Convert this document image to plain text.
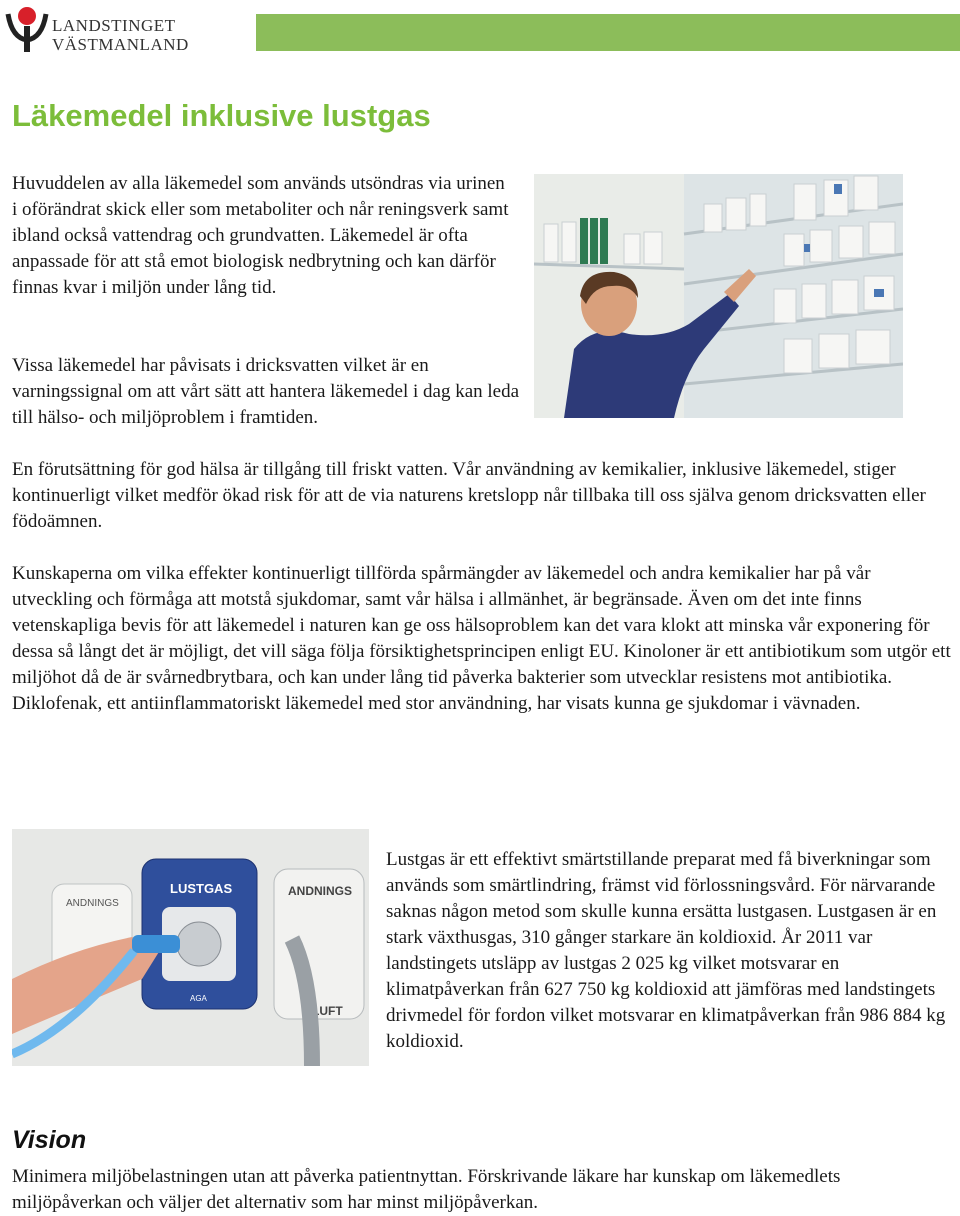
LANDSTINGET
VÄSTMANLAND
Läkemedel inklusive lustgas

Huvuddelen av alla läkemedel som används utsöndras via urinen i oförändrat skick eller som metaboliter och når reningsverk samt ibland också vattendrag och grundvatten. Läkemedel är ofta anpassade för att stå emot biologisk nedbrytning och kan därför finnas kvar i miljön under lång tid.

Vissa läkemedel har påvisats i dricksvatten vilket är en varningssignal om att vårt sätt att hantera läkemedel i dag kan leda till hälso- och miljöproblem i framtiden.

En förutsättning för god hälsa är tillgång till friskt vatten. Vår användning av kemikalier, inklusive läkemedel, stiger kontinuerligt vilket medför ökad risk för att de via naturens kretslopp når tillbaka till oss själva genom dricksvatten eller födoämnen.

Kunskaperna om vilka effekter kontinuerligt tillförda spårmängder av läkemedel och andra kemikalier har på vår utveckling och förmåga att motstå sjukdomar, samt vår hälsa i allmänhet, är begränsade. Även om det inte finns vetenskapliga bevis för att läkemedel i naturen kan ge oss hälsoproblem kan det vara klokt att minska vår exponering för dessa så långt det är möjligt, det vill säga följa försiktighetsprincipen enligt EU. Kinoloner är ett antibiotikum som utgör ett miljöhot då de är svårnedbrytbara, och kan under lång tid påverka bakterier som utvecklar resistens mot antibiotika. Diklofenak, ett antiinflammatoriskt läkemedel med stor användning, har visats kunna ge sjukdomar i vävnaden.

ANDNINGS
LUSTGAS
AGA
ANDNINGS
LUFT

Lustgas är ett effektivt smärtstillande preparat med få biverkningar som används som smärtlindring, främst vid förlossningsvård. För närvarande saknas någon metod som skulle kunna ersätta lustgasen. Lustgasen är en stark växthusgas, 310 gånger starkare än koldioxid. År 2011 var landstingets utsläpp av lustgas 2 025 kg vilket motsvarar en klimatpåverkan från 627 750 kg koldioxid att jämföras med landstingets drivmedel för fordon vilket motsvarar en klimatpåverkan från 986 884 kg koldioxid.

Vision

Minimera miljöbelastningen utan att påverka patientnyttan. Förskrivande läkare har kunskap om läkemedlets miljöpåverkan och väljer det alternativ som har minst miljöpåverkan.
